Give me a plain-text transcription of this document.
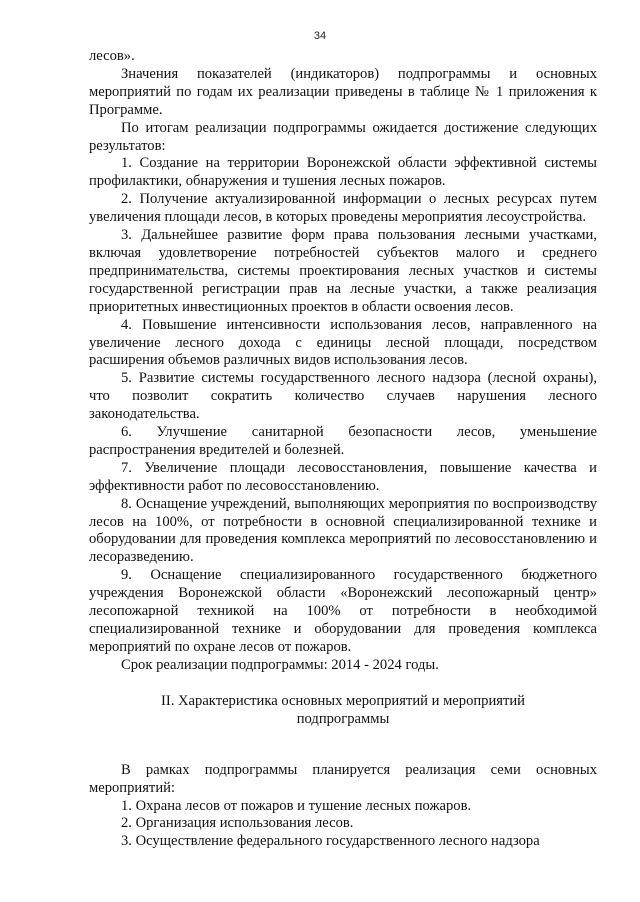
34

лесов».

Значения показателей (индикаторов) подпрограммы и основных мероприятий по годам их реализации приведены в таблице № 1 приложения к Программе.

По итогам реализации подпрограммы ожидается достижение следующих результатов:

1. Создание на территории Воронежской области эффективной системы профилактики, обнаружения и тушения лесных пожаров.

2. Получение актуализированной информации о лесных ресурсах путем увеличения площади лесов, в которых проведены мероприятия лесоустройства.

3. Дальнейшее развитие форм права пользования лесными участками, включая удовлетворение потребностей субъектов малого и среднего предпринимательства, системы проектирования лесных участков и системы государственной регистрации прав на лесные участки, а также реализация приоритетных инвестиционных проектов в области освоения лесов.

4. Повышение интенсивности использования лесов, направленного на увеличение лесного дохода с единицы лесной площади, посредством расширения объемов различных видов использования лесов.

5. Развитие системы государственного лесного надзора (лесной охраны), что позволит сократить количество случаев нарушения лесного законодательства.

6. Улучшение санитарной безопасности лесов, уменьшение распространения вредителей и болезней.

7. Увеличение площади лесовосстановления, повышение качества и эффективности работ по лесовосстановлению.

8. Оснащение учреждений, выполняющих мероприятия по воспроизводству лесов на 100%, от потребности в основной специализированной технике и оборудовании для проведения комплекса мероприятий по лесовосстановлению и лесоразведению.

9. Оснащение специализированного государственного бюджетного учреждения Воронежской области «Воронежский лесопожарный центр» лесопожарной техникой на 100% от потребности в необходимой специализированной технике и оборудовании для проведения комплекса мероприятий по охране лесов от пожаров.

Срок реализации подпрограммы: 2014 - 2024 годы.

II. Характеристика основных мероприятий и мероприятий
подпрограммы

В рамках подпрограммы планируется реализация семи основных мероприятий:

1. Охрана лесов от пожаров и тушение лесных пожаров.

2. Организация использования лесов.

3. Осуществление федерального государственного лесного надзора
